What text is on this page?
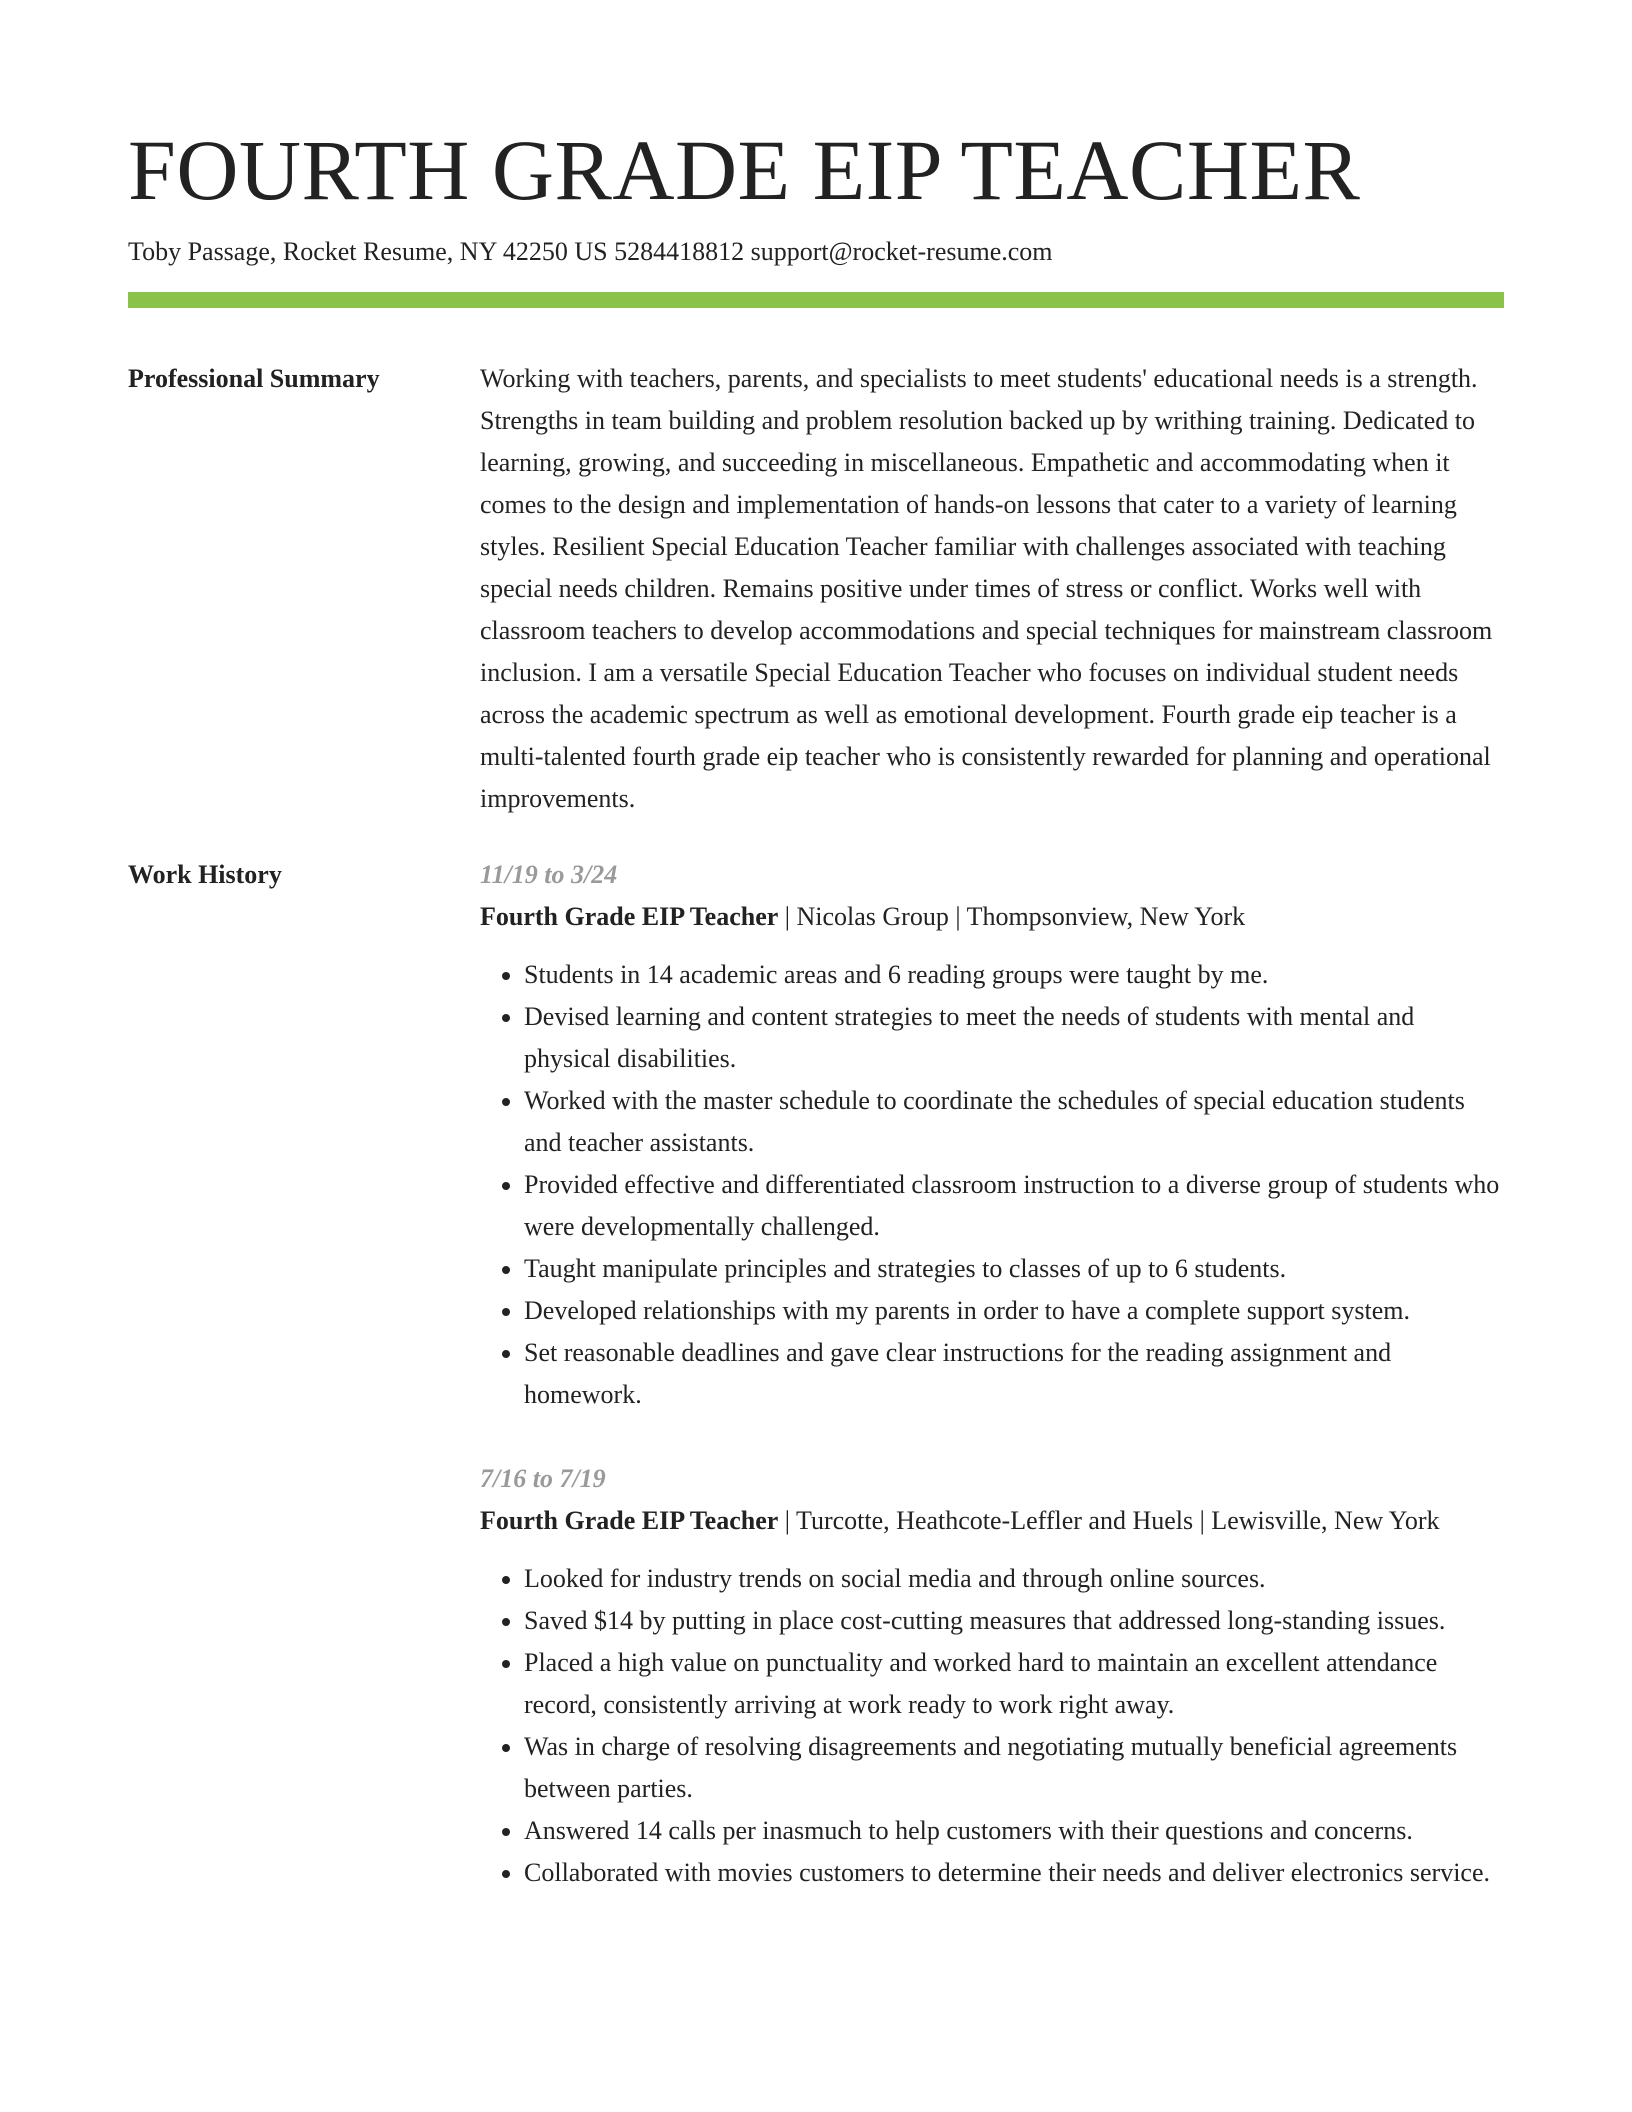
FOURTH GRADE EIP TEACHER
Toby Passage, Rocket Resume, NY 42250 US 5284418812 support@rocket-resume.com
Professional Summary	Working with teachers, parents, and specialists to meet students' educational needs is a strength. Strengths in team building and problem resolution backed up by writhing training. Dedicated to learning, growing, and succeeding in miscellaneous. Empathetic and accommodating when it comes to the design and implementation of hands-on lessons that cater to a variety of learning styles. Resilient Special Education Teacher familiar with challenges associated with teaching special needs children. Remains positive under times of stress or conflict. Works well with classroom teachers to develop accommodations and special techniques for mainstream classroom inclusion. I am a versatile Special Education Teacher who focuses on individual student needs across the academic spectrum as well as emotional development. Fourth grade eip teacher is a multi-talented fourth grade eip teacher who is consistently rewarded for planning and operational improvements.

Work History	11/19 to 3/24
Fourth Grade EIP Teacher | Nicolas Group | Thompsonview, New York
• Students in 14 academic areas and 6 reading groups were taught by me.
• Devised learning and content strategies to meet the needs of students with mental and physical disabilities.
• Worked with the master schedule to coordinate the schedules of special education students and teacher assistants.
• Provided effective and differentiated classroom instruction to a diverse group of students who were developmentally challenged.
• Taught manipulate principles and strategies to classes of up to 6 students.
• Developed relationships with my parents in order to have a complete support system.
• Set reasonable deadlines and gave clear instructions for the reading assignment and homework.
7/16 to 7/19
Fourth Grade EIP Teacher | Turcotte, Heathcote-Leffler and Huels | Lewisville, New York
• Looked for industry trends on social media and through online sources.
• Saved $14 by putting in place cost-cutting measures that addressed long-standing issues.
• Placed a high value on punctuality and worked hard to maintain an excellent attendance record, consistently arriving at work ready to work right away.
• Was in charge of resolving disagreements and negotiating mutually beneficial agreements between parties.
• Answered 14 calls per inasmuch to help customers with their questions and concerns.
• Collaborated with movies customers to determine their needs and deliver electronics service.
